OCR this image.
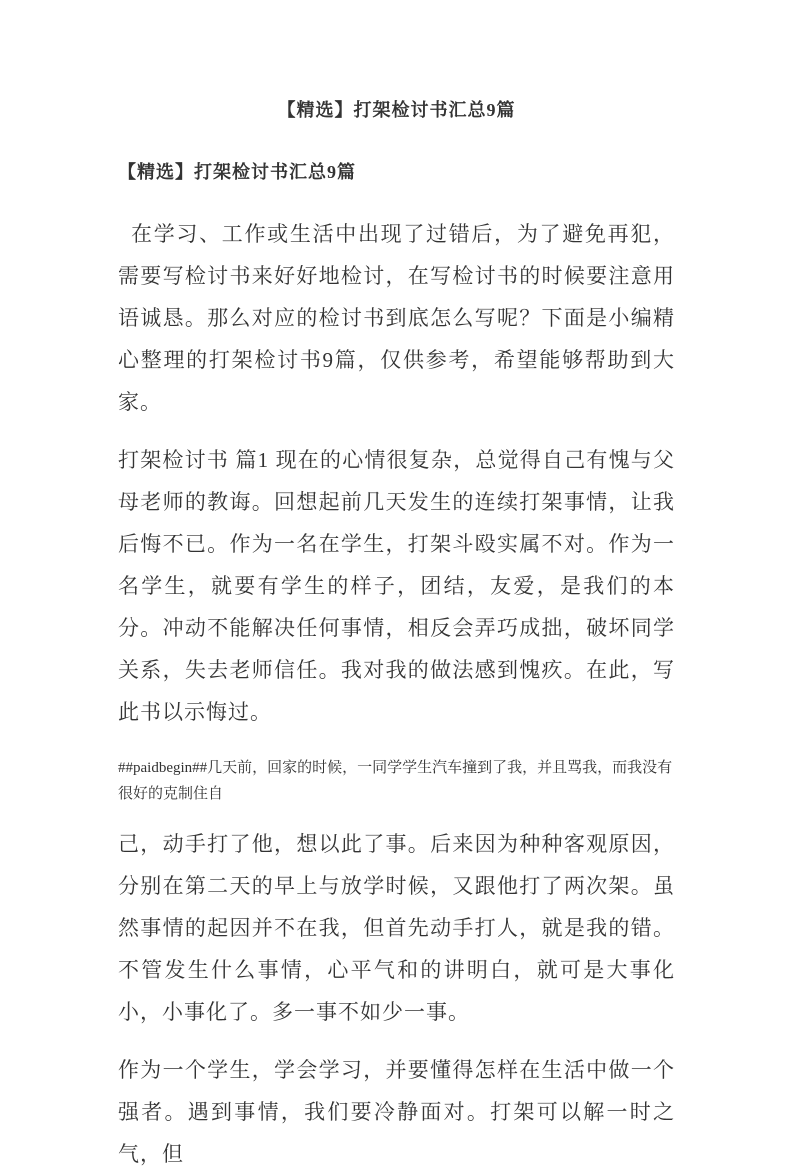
【精选】打架检讨书汇总9篇
【精选】打架检讨书汇总9篇

在学习、工作或生活中出现了过错后，为了避免再犯，需要写检讨书来好好地检讨，在写检讨书的时候要注意用语诚恳。那么对应的检讨书到底怎么写呢？下面是小编精心整理的打架检讨书9篇，仅供参考，希望能够帮助到大家。

打架检讨书 篇1 现在的心情很复杂，总觉得自己有愧与父母老师的教诲。回想起前几天发生的连续打架事情，让我后悔不已。作为一名在学生，打架斗殴实属不对。作为一名学生，就要有学生的样子，团结，友爱，是我们的本分。冲动不能解决任何事情，相反会弄巧成拙，破坏同学关系，失去老师信任。我对我的做法感到愧疚。在此，写此书以示悔过。

##paidbegin##几天前，回家的时候，一同学学生汽车撞到了我，并且骂我，而我没有很好的克制住自

己，动手打了他，想以此了事。后来因为种种客观原因，分别在第二天的早上与放学时候，又跟他打了两次架。虽然事情的起因并不在我，但首先动手打人，就是我的错。不管发生什么事情，心平气和的讲明白，就可是大事化小，小事化了。多一事不如少一事。

作为一个学生，学会学习，并要懂得怎样在生活中做一个强者。遇到事情，我们要冷静面对。打架可以解一时之气，但
